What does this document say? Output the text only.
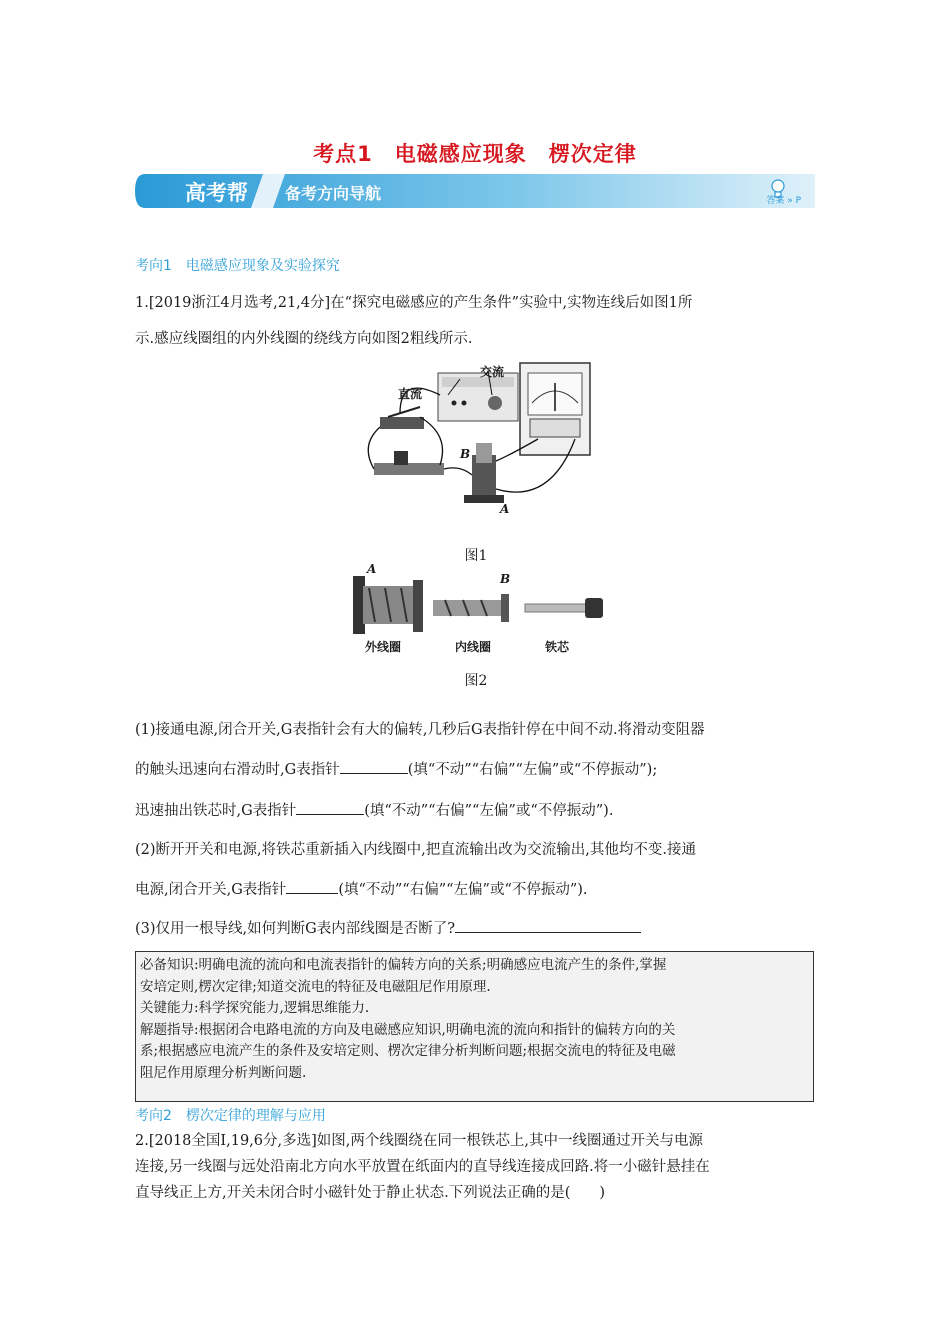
考点1　电磁感应现象　楞次定律
高考帮 备考方向导航	答案 » P
考向1　电磁感应现象及实验探究
1.[2019浙江4月选考,21,4分]在“探究电磁感应的产生条件”实验中,实物连线后如图1所
示.感应线圈组的内外线圈的绕线方向如图2粗线所示.
直流
交流
B
A
图1
A
B
外线圈	内线圈	铁芯
图2
(1)接通电源,闭合开关,G表指针会有大的偏转,几秒后G表指针停在中间不动.将滑动变阻器
的触头迅速向右滑动时,G表指针	(填“不动”“右偏”“左偏”或“不停振动”);
迅速抽出铁芯时,G表指针	(填“不动”“右偏”“左偏”或“不停振动”).
(2)断开开关和电源,将铁芯重新插入内线圈中,把直流输出改为交流输出,其他均不变.接通
电源,闭合开关,G表指针	(填“不动”“右偏”“左偏”或“不停振动”).
(3)仅用一根导线,如何判断G表内部线圈是否断了?
必备知识:明确电流的流向和电流表指针的偏转方向的关系;明确感应电流产生的条件,掌握
安培定则,楞次定律;知道交流电的特征及电磁阻尼作用原理.
关键能力:科学探究能力,逻辑思维能力.
解题指导:根据闭合电路电流的方向及电磁感应知识,明确电流的流向和指针的偏转方向的关
系;根据感应电流产生的条件及安培定则、楞次定律分析判断问题;根据交流电的特征及电磁
阻尼作用原理分析判断问题.
考向2　楞次定律的理解与应用
2.[2018全国Ⅰ,19,6分,多选]如图,两个线圈绕在同一根铁芯上,其中一线圈通过开关与电源
连接,另一线圈与远处沿南北方向水平放置在纸面内的直导线连接成回路.将一小磁针悬挂在
直导线正上方,开关未闭合时小磁针处于静止状态.下列说法正确的是(　　)
